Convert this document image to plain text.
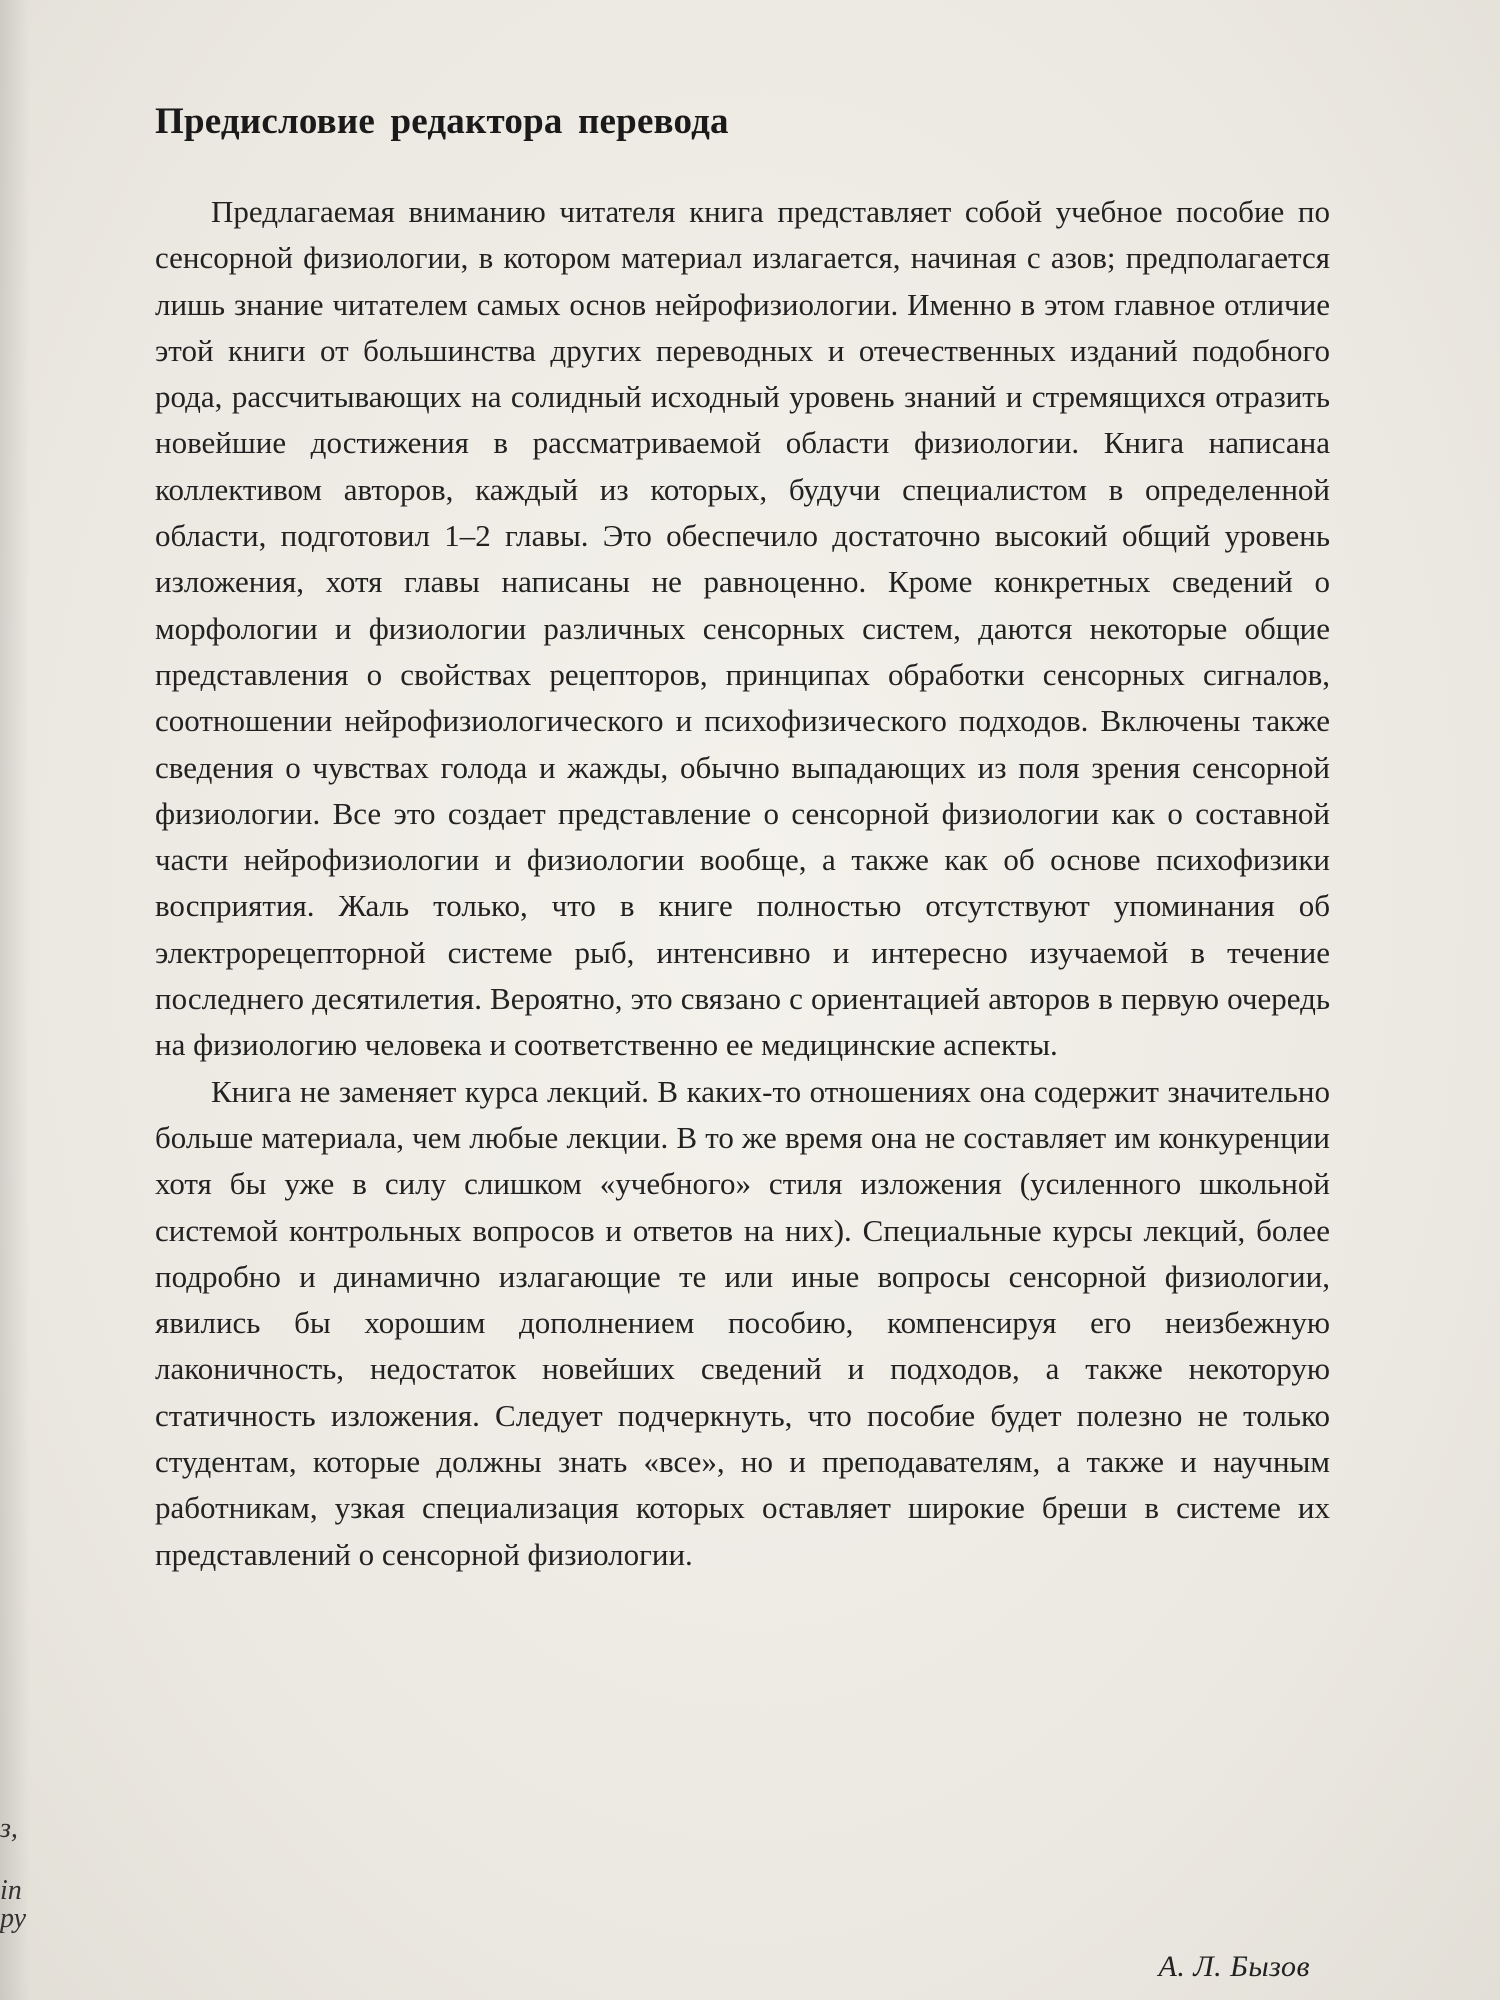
Предисловие редактора перевода

Предлагаемая вниманию читателя книга представляет собой учебное пособие по сенсорной физиологии, в котором материал излагается, начиная с азов; предполагается лишь знание читателем самых основ нейрофизиологии. Именно в этом главное отличие этой книги от большинства других переводных и отечественных изданий подобного рода, рассчитывающих на солидный исходный уровень знаний и стремящихся отразить новейшие достижения в рассматриваемой области физиологии. Книга написана коллективом авторов, каждый из которых, будучи специалистом в определенной области, подготовил 1–2 главы. Это обеспечило достаточно высокий общий уровень изложения, хотя главы написаны не равноценно. Кроме конкретных сведений о морфологии и физиологии различных сенсорных систем, даются некоторые общие представления о свойствах рецепторов, принципах обработки сенсорных сигналов, соотношении нейрофизиологического и психофизического подходов. Включены также сведения о чувствах голода и жажды, обычно выпадающих из поля зрения сенсорной физиологии. Все это создает представление о сенсорной физиологии как о составной части нейрофизиологии и физиологии вообще, а также как об основе психофизики восприятия. Жаль только, что в книге полностью отсутствуют упоминания об электрорецепторной системе рыб, интенсивно и интересно изучаемой в течение последнего десятилетия. Вероятно, это связано с ориентацией авторов в первую очередь на физиологию человека и соответственно ее медицинские аспекты.

Книга не заменяет курса лекций. В каких-то отношениях она содержит значительно больше материала, чем любые лекции. В то же время она не составляет им конкуренции хотя бы уже в силу слишком «учебного» стиля изложения (усиленного школьной системой контрольных вопросов и ответов на них). Специальные курсы лекций, более подробно и динамично излагающие те или иные вопросы сенсорной физиологии, явились бы хорошим дополнением пособию, компенсируя его неизбежную лаконичность, недостаток новейших сведений и подходов, а также некоторую статичность изложения. Следует подчеркнуть, что пособие будет полезно не только студентам, которые должны знать «все», но и преподавателям, а также и научным работникам, узкая специализация которых оставляет широкие бреши в системе их представлений о сенсорной физиологии.

А. Л. Бызов
з,
in
ру
